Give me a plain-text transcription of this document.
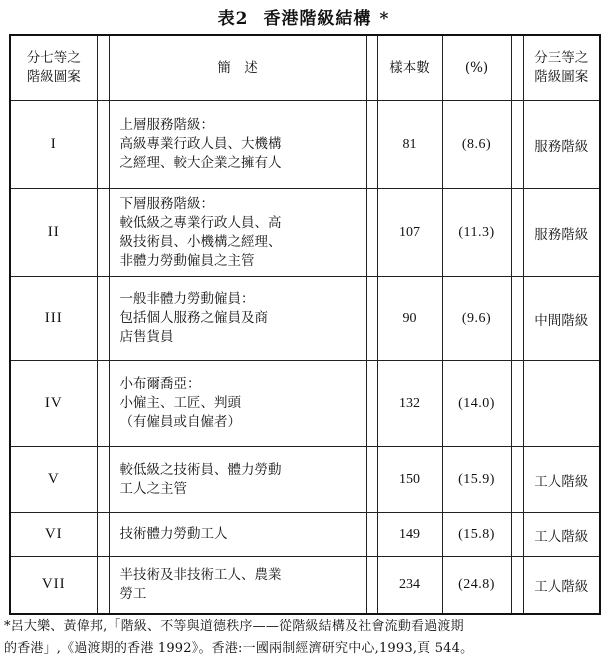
表2 香港階級結構 *
分七等之
階級圖案		簡　述		樣本數	(%)		分三等之
階級圖案

I		上層服務階級：
高級專業行政人員、大機構
之經理、較大企業之擁有人		81	(8.6)		服務階級
II		下層服務階級：
較低級之專業行政人員、高
級技術員、小機構之經理、
非體力勞動僱員之主管		107	(11.3)		服務階級
III		一般非體力勞動僱員：
包括個人服務之僱員及商
店售貨員		90	(9.6)		中間階級
IV		小布爾喬亞：
小僱主、工匠、判頭
（有僱員或自僱者）		132	(14.0)		
V		較低級之技術員、體力勞動
工人之主管		150	(15.9)		工人階級
VI		技術體力勞動工人		149	(15.8)		工人階級
VII		半技術及非技術工人、農業
勞工		234	(24.8)		工人階級
*呂大樂、黃偉邦,「階級、不等與道德秩序——從階級結構及社會流動看過渡期
的香港」,《過渡期的香港 1992》。香港:一國兩制經濟研究中心,1993,頁 544。
